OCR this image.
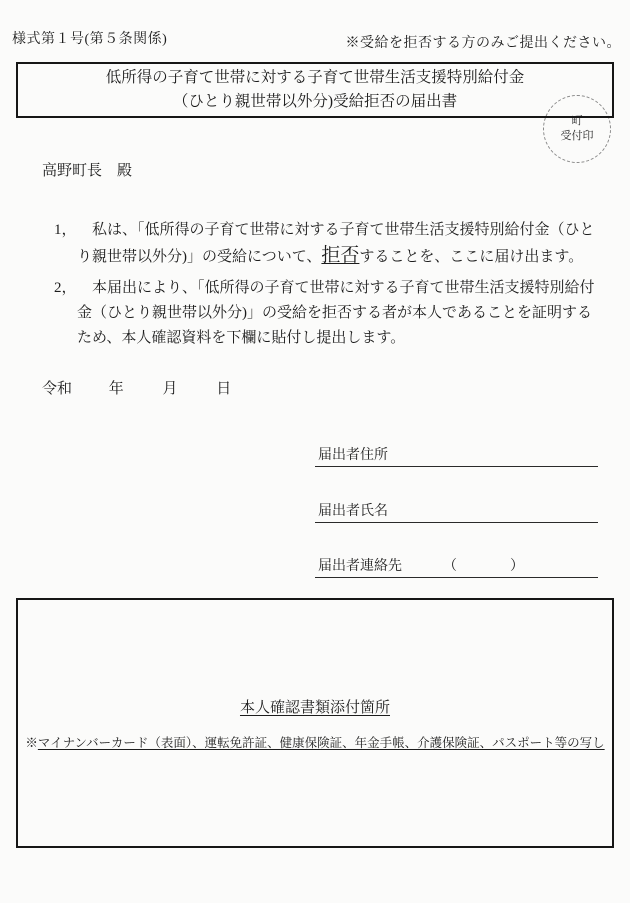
様式第１号(第５条関係)	※受給を拒否する方のみご提出ください。
町
受付印
低所得の子育て世帯に対する子育て世帯生活支援特別給付金
（ひとり親世帯以外分)受給拒否の届出書
高野町長　殿
1， 　私は、「低所得の子育て世帯に対する子育て世帯生活支援特別給付金（ひとり親世帯以外分)」の受給について、拒否することを、ここに届け出ます。
2， 　本届出により、「低所得の子育て世帯に対する子育て世帯生活支援特別給付金（ひとり親世帯以外分)」の受給を拒否する者が本人であることを証明するため、本人確認資料を下欄に貼付し提出します。
令和 年	月	日
届出者住所
届出者氏名
届出者連絡先	（	）
本人確認書類添付箇所
※マイナンバーカード（表面）、運転免許証、健康保険証、年金手帳、介護保険証、パスポート等の写し
